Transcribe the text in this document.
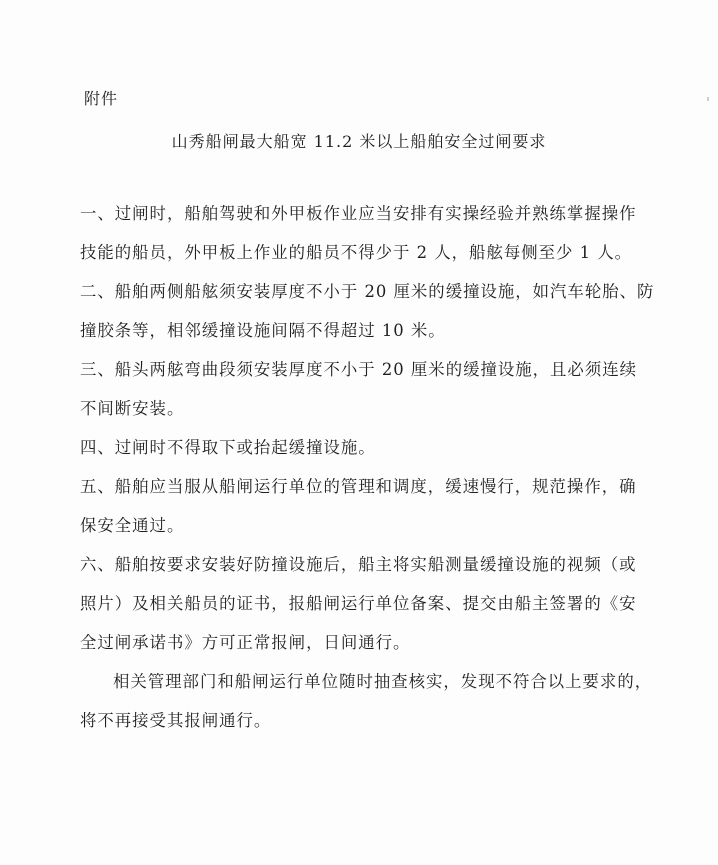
附件
山秀船闸最大船宽 11.2 米以上船舶安全过闸要求
一、过闸时，船舶驾驶和外甲板作业应当安排有实操经验并熟练掌握操作
技能的船员，外甲板上作业的船员不得少于 2 人，船舷每侧至少 1 人。
二、船舶两侧船舷须安装厚度不小于 20 厘米的缓撞设施，如汽车轮胎、防
撞胶条等，相邻缓撞设施间隔不得超过 10 米。
三、船头两舷弯曲段须安装厚度不小于 20 厘米的缓撞设施，且必须连续
不间断安装。
四、过闸时不得取下或抬起缓撞设施。
五、船舶应当服从船闸运行单位的管理和调度，缓速慢行，规范操作，确
保安全通过。
六、船舶按要求安装好防撞设施后，船主将实船测量缓撞设施的视频（或
照片）及相关船员的证书，报船闸运行单位备案、提交由船主签署的《安
全过闸承诺书》方可正常报闸，日间通行。
相关管理部门和船闸运行单位随时抽查核实，发现不符合以上要求的，
将不再接受其报闸通行。
